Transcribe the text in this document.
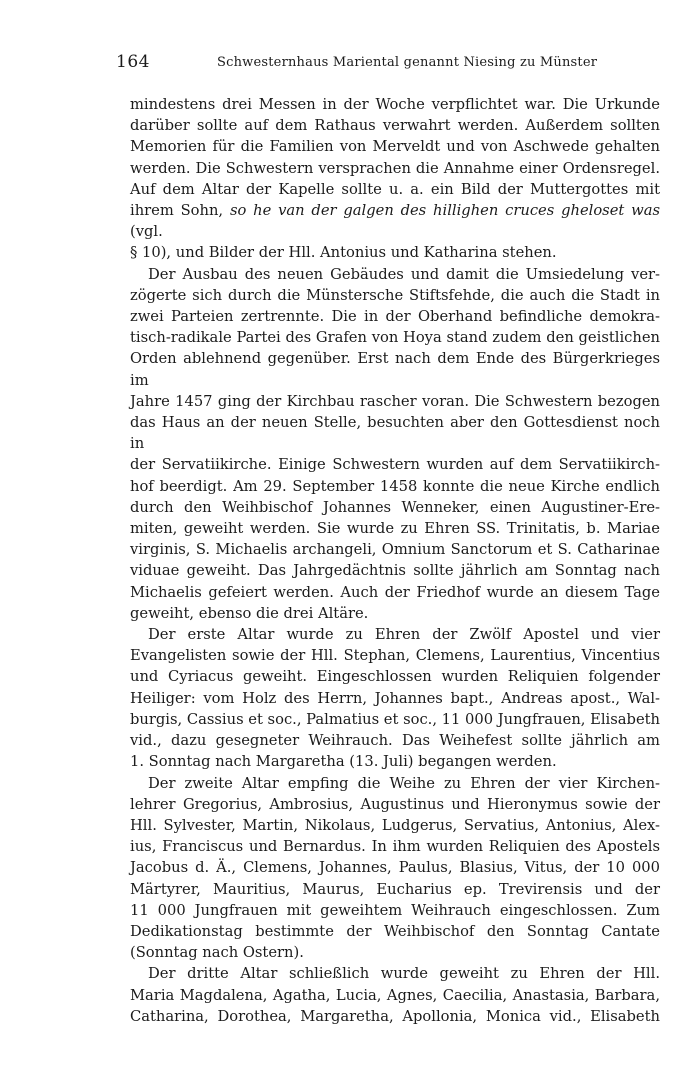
164	Schwesternhaus Mariental genannt Niesing zu Münster

mindestens drei Messen in der Woche verpflichtet war. Die Urkunde

darüber sollte auf dem Rathaus verwahrt werden. Außerdem sollten

Memorien für die Familien von Merveldt und von Aschwede gehalten

werden. Die Schwestern versprachen die Annahme einer Ordensregel.

Auf dem Altar der Kapelle sollte u. a. ein Bild der Muttergottes mit

ihrem Sohn, so he van der galgen des hillighen cruces gheloset was (vgl.

§ 10), und Bilder der Hll. Antonius und Katharina stehen.

Der Ausbau des neuen Gebäudes und damit die Umsiedelung ver-

zögerte sich durch die Münstersche Stiftsfehde, die auch die Stadt in

zwei Parteien zertrennte. Die in der Oberhand befindliche demokra-

tisch-radikale Partei des Grafen von Hoya stand zudem den geistlichen

Orden ablehnend gegenüber. Erst nach dem Ende des Bürgerkrieges im

Jahre 1457 ging der Kirchbau rascher voran. Die Schwestern bezogen

das Haus an der neuen Stelle, besuchten aber den Gottesdienst noch in

der Servatiikirche. Einige Schwestern wurden auf dem Servatiikirch-

hof beerdigt. Am 29. September 1458 konnte die neue Kirche endlich

durch den Weihbischof Johannes Wenneker, einen Augustiner-Ere-

miten, geweiht werden. Sie wurde zu Ehren SS. Trinitatis, b. Mariae

virginis, S. Michaelis archangeli, Omnium Sanctorum et S. Catharinae

viduae geweiht. Das Jahrgedächtnis sollte jährlich am Sonntag nach

Michaelis gefeiert werden. Auch der Friedhof wurde an diesem Tage

geweiht, ebenso die drei Altäre.

Der erste Altar wurde zu Ehren der Zwölf Apostel und vier

Evangelisten sowie der Hll. Stephan, Clemens, Laurentius, Vincentius

und Cyriacus geweiht. Eingeschlossen wurden Reliquien folgender

Heiliger: vom Holz des Herrn, Johannes bapt., Andreas apost., Wal-

burgis, Cassius et soc., Palmatius et soc., 11 000 Jungfrauen, Elisabeth

vid., dazu gesegneter Weihrauch. Das Weihefest sollte jährlich am

1. Sonntag nach Margaretha (13. Juli) begangen werden.

Der zweite Altar empfing die Weihe zu Ehren der vier Kirchen-

lehrer Gregorius, Ambrosius, Augustinus und Hieronymus sowie der

Hll. Sylvester, Martin, Nikolaus, Ludgerus, Servatius, Antonius, Alex-

ius, Franciscus und Bernardus. In ihm wurden Reliquien des Apostels

Jacobus d. Ä., Clemens, Johannes, Paulus, Blasius, Vitus, der 10 000

Märtyrer, Mauritius, Maurus, Eucharius ep. Trevirensis und der

11 000 Jungfrauen mit geweihtem Weihrauch eingeschlossen. Zum

Dedikationstag bestimmte der Weihbischof den Sonntag Cantate

(Sonntag nach Ostern).

Der dritte Altar schließlich wurde geweiht zu Ehren der Hll.

Maria Magdalena, Agatha, Lucia, Agnes, Caecilia, Anastasia, Barbara,

Catharina, Dorothea, Margaretha, Apollonia, Monica vid., Elisabeth
